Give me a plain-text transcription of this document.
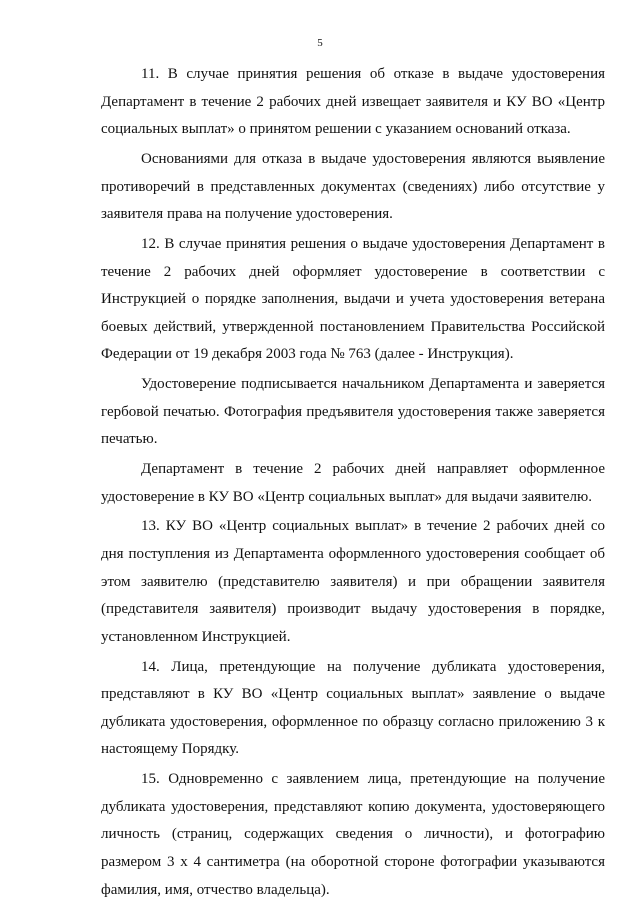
5

11. В случае принятия решения об отказе в выдаче удостоверения Департамент в течение 2 рабочих дней извещает заявителя и КУ ВО «Центр социальных выплат» о принятом решении с указанием оснований отказа.

Основаниями для отказа в выдаче удостоверения являются выявление противоречий в представленных документах (сведениях) либо отсутствие у заявителя права на получение удостоверения.

12. В случае принятия решения о выдаче удостоверения Департамент в течение 2 рабочих дней оформляет удостоверение в соответствии с Инструкцией о порядке заполнения, выдачи и учета удостоверения ветерана боевых действий, утвержденной постановлением Правительства Российской Федерации от 19 декабря 2003 года № 763 (далее - Инструкция).

Удостоверение подписывается начальником Департамента и заверяется гербовой печатью. Фотография предъявителя удостоверения также заверяется печатью.

Департамент в течение 2 рабочих дней направляет оформленное удостоверение в КУ ВО «Центр социальных выплат» для выдачи заявителю.

13. КУ ВО «Центр социальных выплат» в течение 2 рабочих дней со дня поступления из Департамента оформленного удостоверения сообщает об этом заявителю (представителю заявителя) и при обращении заявителя (представителя заявителя) производит выдачу удостоверения в порядке, установленном Инструкцией.

14. Лица, претендующие на получение дубликата удостоверения, представляют в КУ ВО «Центр социальных выплат» заявление о выдаче дубликата удостоверения, оформленное по образцу согласно приложению 3 к настоящему Порядку.

15. Одновременно с заявлением лица, претендующие на получение дубликата удостоверения, представляют копию документа, удостоверяющего личность (страниц, содержащих сведения о личности), и фотографию размером 3 х 4 сантиметра (на оборотной стороне фотографии указываются фамилия, имя, отчество владельца).
